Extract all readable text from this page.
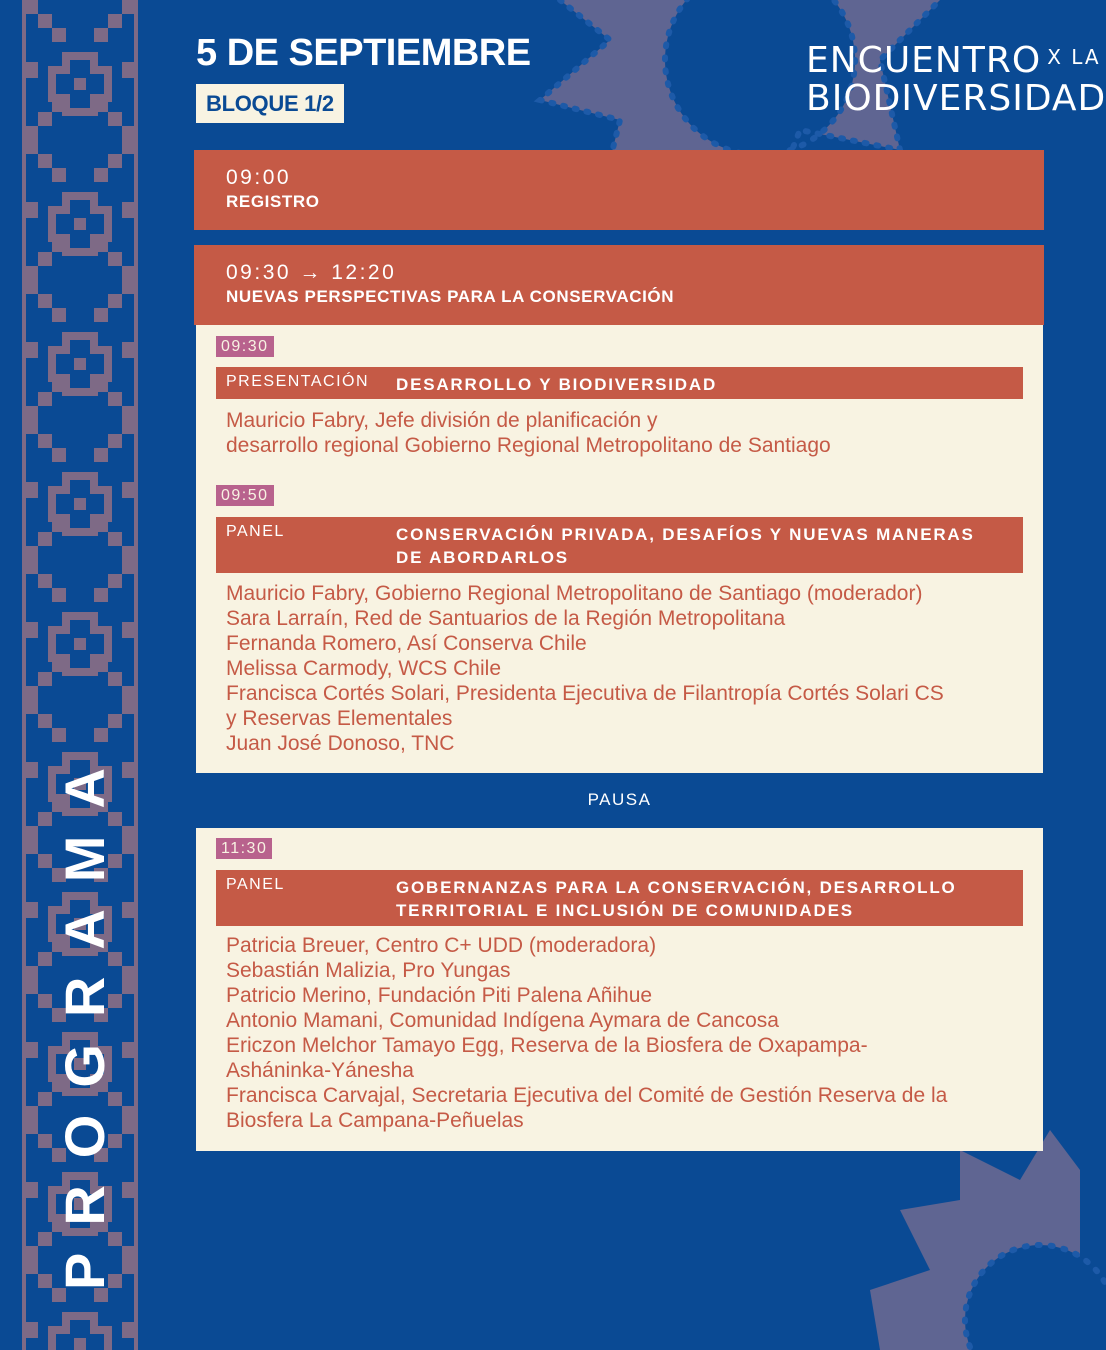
PROGRAMA
5 DE SEPTIEMBRE
BLOQUE 1/2
ENCUENTRO $^{X LA}$
BIODIVERSIDAD
09:00
REGISTRO
09:30 → 12:20
NUEVAS PERSPECTIVAS PARA LA CONSERVACIÓN
09:30
PRESENTACIÓN DESARROLLO Y BIODIVERSIDAD
Mauricio Fabry, Jefe división de planificación y
desarrollo regional Gobierno Regional Metropolitano de Santiago
09:50
PANEL	CONSERVACIÓN PRIVADA, DESAFÍOS Y NUEVAS MANERAS
DE ABORDARLOS
Mauricio Fabry, Gobierno Regional Metropolitano de Santiago (moderador)
Sara Larraín, Red de Santuarios de la Región Metropolitana
Fernanda Romero, Así Conserva Chile
Melissa Carmody, WCS Chile
Francisca Cortés Solari, Presidenta Ejecutiva de Filantropía Cortés Solari CS
y Reservas Elementales
Juan José Donoso, TNC
PAUSA
11:30
PANEL	GOBERNANZAS PARA LA CONSERVACIÓN, DESARROLLO
TERRITORIAL E INCLUSIÓN DE COMUNIDADES
Patricia Breuer, Centro C+ UDD (moderadora)
Sebastián Malizia, Pro Yungas
Patricio Merino, Fundación Piti Palena Añihue
Antonio Mamani, Comunidad Indígena Aymara de Cancosa
Ericzon Melchor Tamayo Egg, Reserva de la Biosfera de Oxapampa-
Asháninka-Yánesha
Francisca Carvajal, Secretaria Ejecutiva del Comité de Gestión Reserva de la
Biosfera La Campana-Peñuelas
